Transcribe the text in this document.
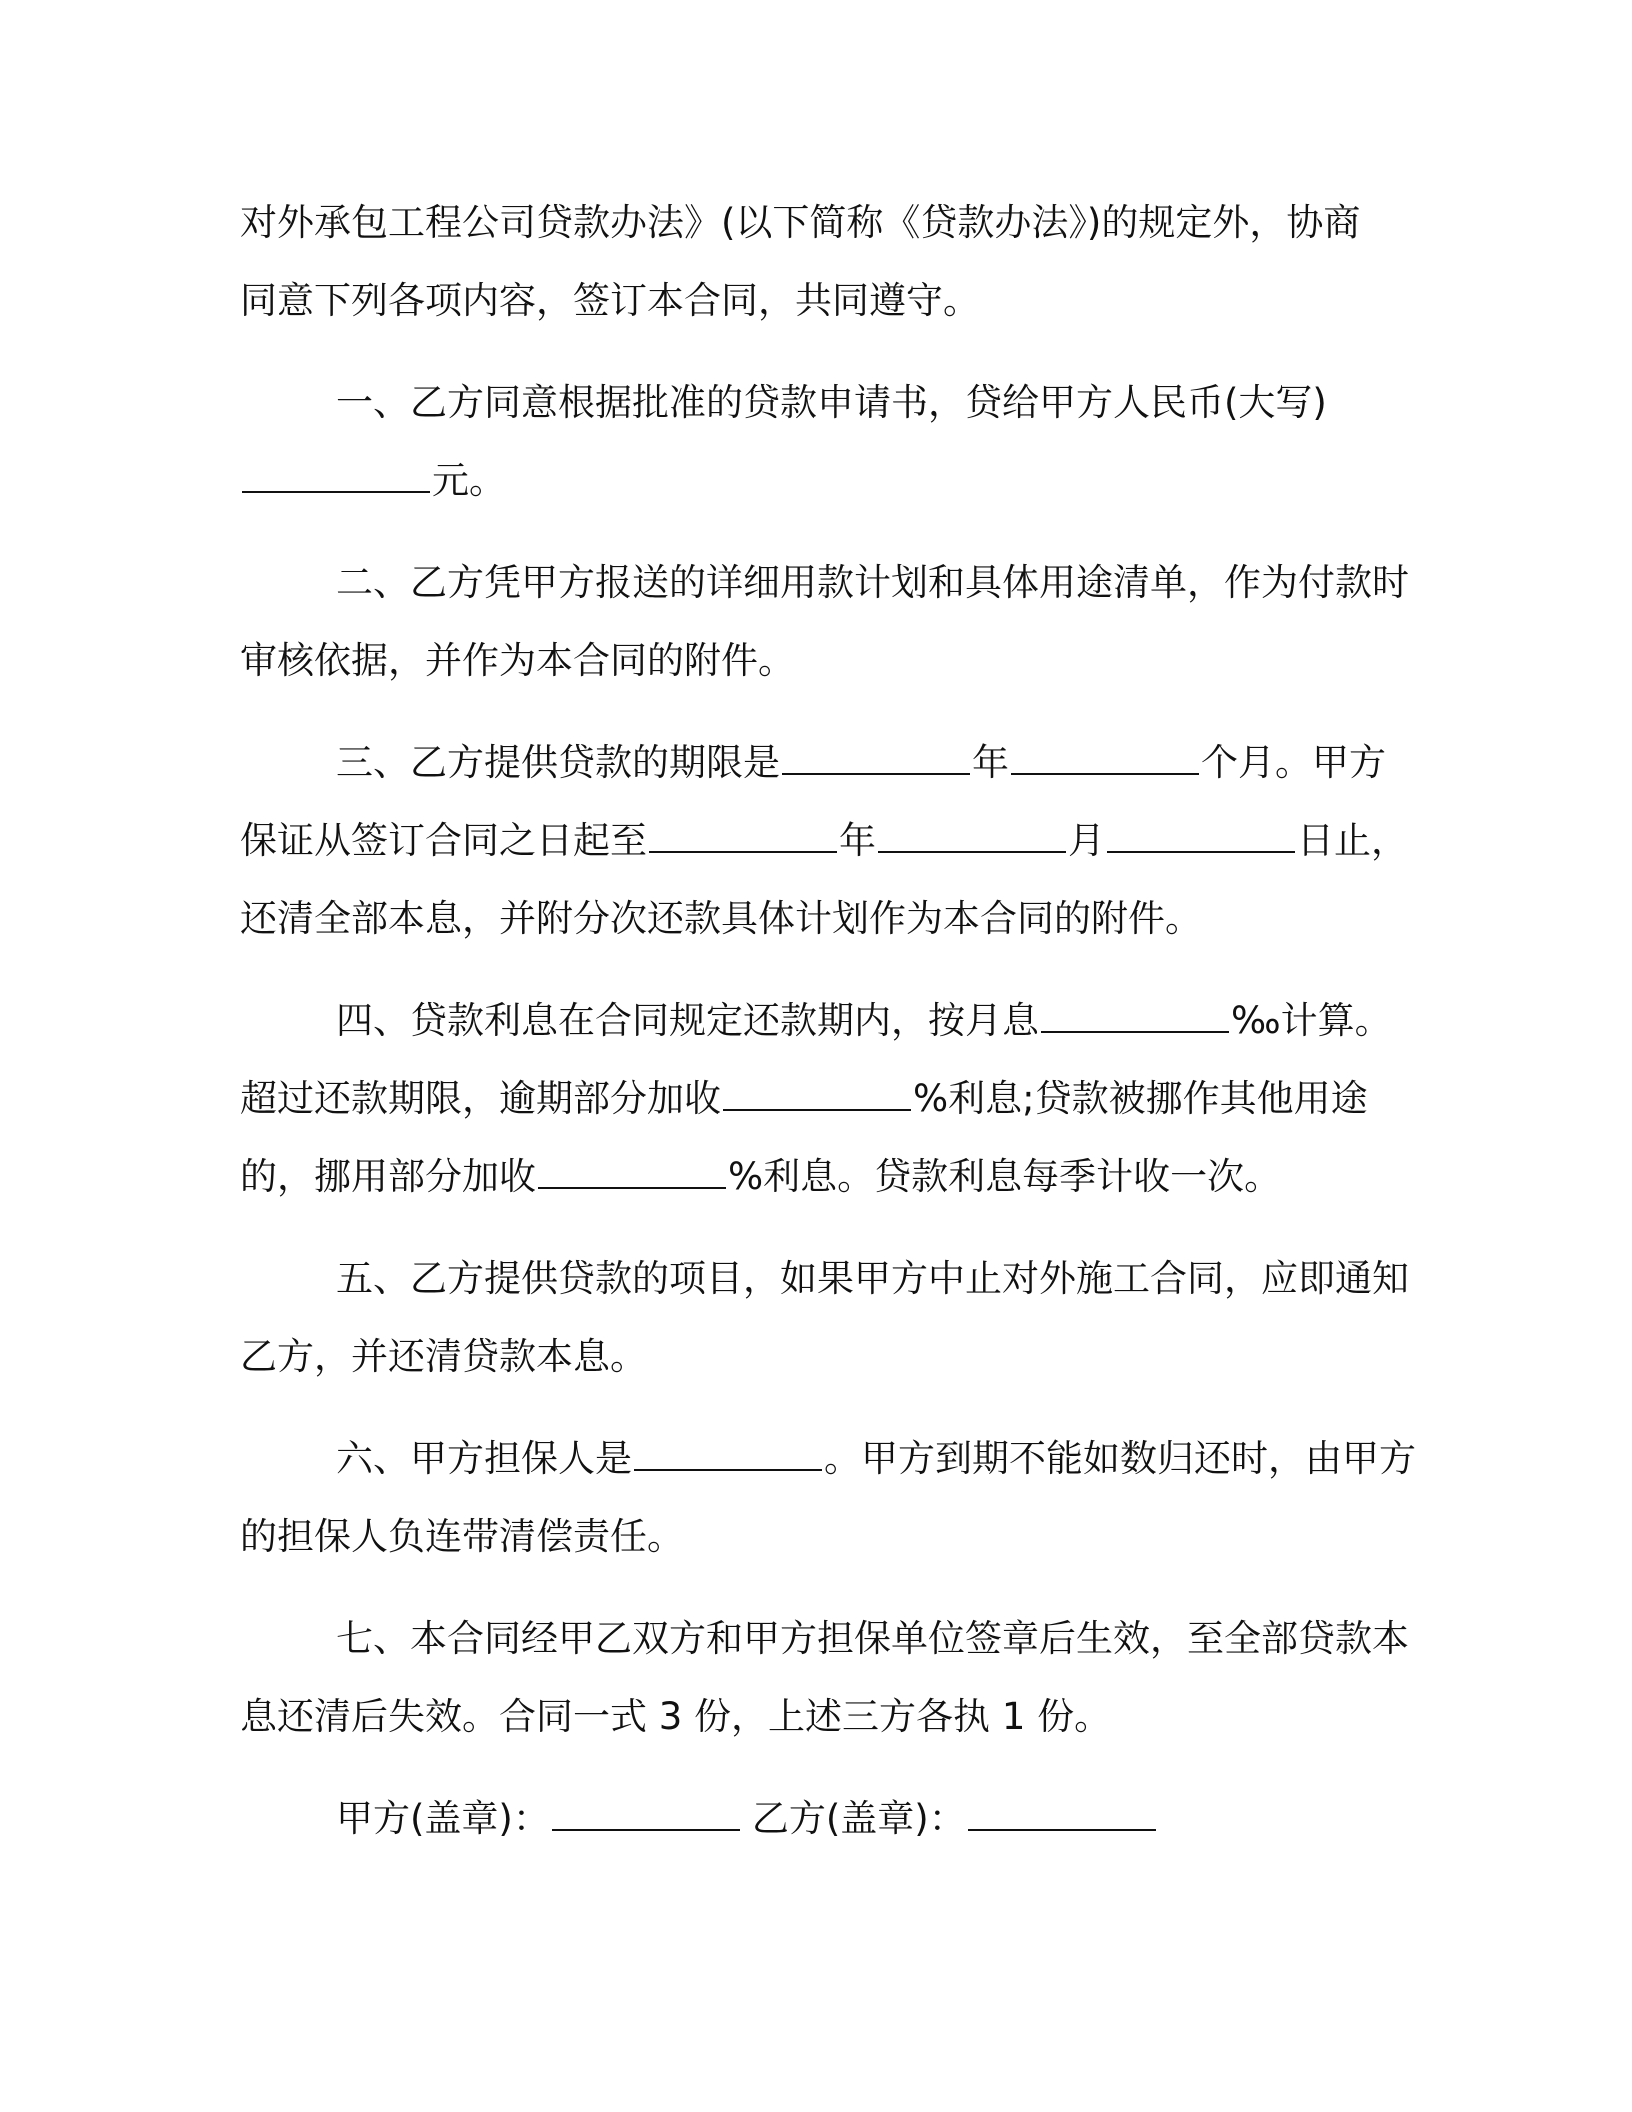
对外承包工程公司贷款办法》(以下简称《贷款办法》)的规定外，协商
同意下列各项内容，签订本合同，共同遵守。

一、乙方同意根据批准的贷款申请书，贷给甲方人民币(大写)元。

二、乙方凭甲方报送的详细用款计划和具体用途清单，作为付款时审核依据，并作为本合同的附件。

三、乙方提供贷款的期限是	年	个月。甲方保证从签订合同之日起至	年	月	日止，还清全部本息，并附分次还款具体计划作为本合同的附件。

四、贷款利息在合同规定还款期内，按月息	‰计算。超过还款期限，逾期部分加收	%利息;贷款被挪作其他用途的，挪用部分加收	%利息。贷款利息每季计收一次。

五、乙方提供贷款的项目，如果甲方中止对外施工合同，应即通知乙方，并还清贷款本息。

六、甲方担保人是	。甲方到期不能如数归还时，由甲方的担保人负连带清偿责任。

七、本合同经甲乙双方和甲方担保单位签章后生效，至全部贷款本息还清后失效。合同一式 3 份，上述三方各执 1 份。

甲方(盖章)：	乙方(盖章)：
